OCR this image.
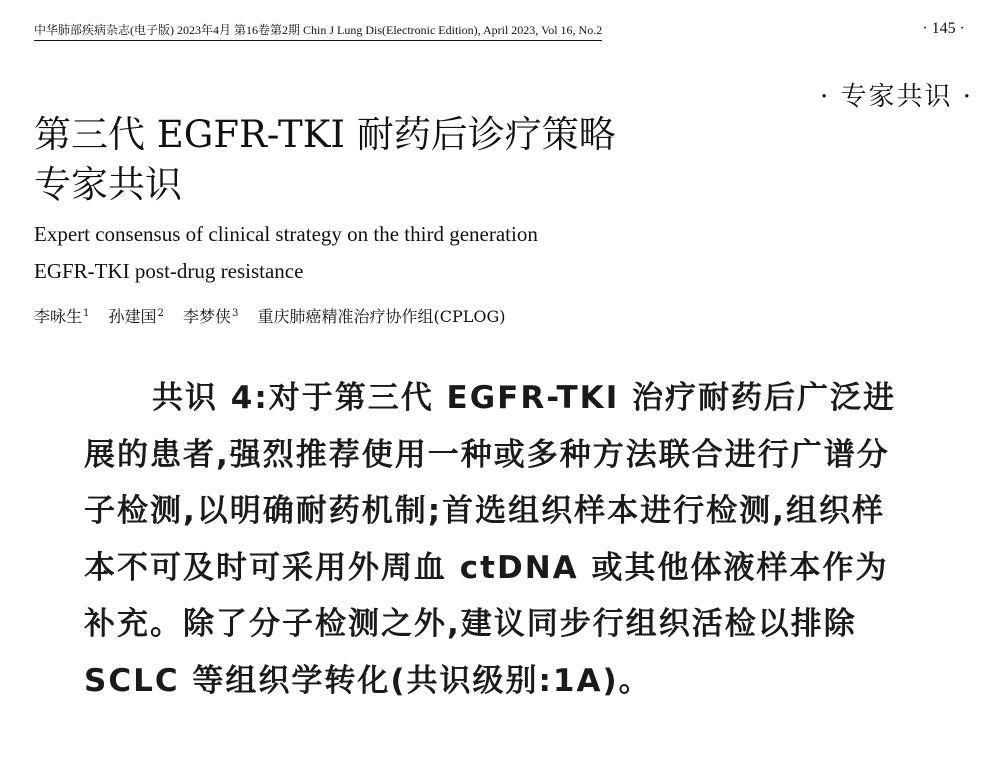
中华肺部疾病杂志(电子版) 2023年4月 第16卷第2期 Chin J Lung Dis(Electronic Edition), April 2023, Vol 16, No.2	· 145 ·
· 专家共识 ·
第三代 EGFR-TKI 耐药后诊疗策略
专家共识
Expert consensus of clinical strategy on the third generation
EGFR-TKI post-drug resistance
李咏生$^1$ 孙建国$^2$ 李梦侠$^3$ 重庆肺癌精准治疗协作组(CPLOG)
共识 4:对于第三代 EGFR-TKI 治疗耐药后广泛进展的患者,强烈推荐使用一种或多种方法联合进行广谱分子检测,以明确耐药机制;首选组织样本进行检测,组织样本不可及时可采用外周血 ctDNA 或其他体液样本作为补充。除了分子检测之外,建议同步行组织活检以排除 SCLC 等组织学转化(共识级别:1A)。
